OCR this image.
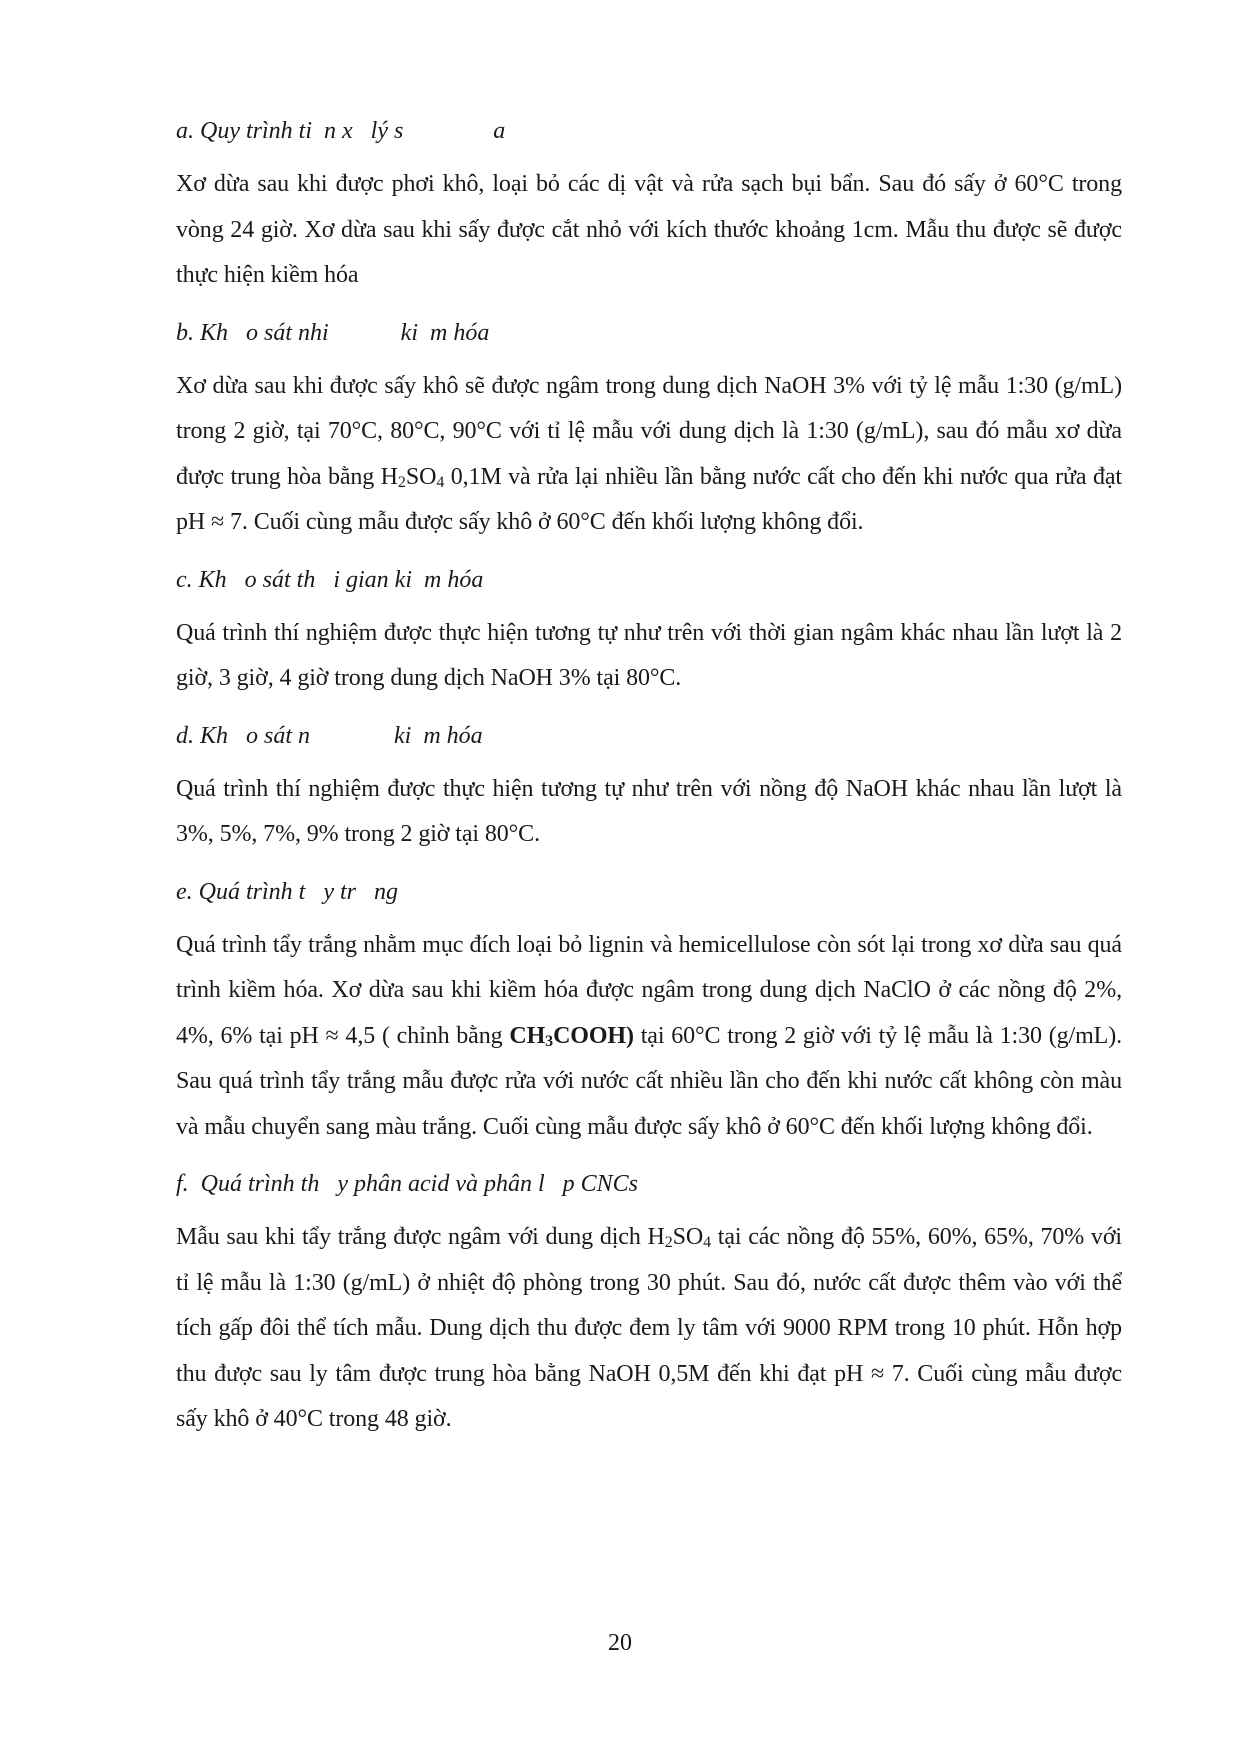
a. Quy trình ti  n x   lý s               a

Xơ dừa sau khi được phơi khô, loại bỏ các dị vật và rửa sạch bụi bẩn. Sau đó sấy ở 60°C trong vòng 24 giờ. Xơ dừa sau khi sấy được cắt nhỏ với kích thước khoảng 1cm. Mẫu thu được sẽ được thực hiện kiềm hóa

b. Kh   o sát nhi            ki  m hóa

Xơ dừa sau khi được sấy khô sẽ được ngâm trong dung dịch NaOH 3% với tỷ lệ mẫu 1:30 (g/mL) trong 2 giờ, tại 70°C, 80°C, 90°C với tỉ lệ mẫu với dung dịch là 1:30 (g/mL), sau đó mẫu xơ dừa được trung hòa bằng $H_2SO_4$ 0,1M và rửa lại nhiều lần bằng nước cất cho đến khi nước qua rửa đạt pH ≈ 7. Cuối cùng mẫu được sấy khô ở 60°C đến khối lượng không đổi.

c. Kh   o sát th   i gian ki  m hóa

Quá trình thí nghiệm được thực hiện tương tự như trên với thời gian ngâm khác nhau lần lượt là 2 giờ, 3 giờ, 4 giờ trong dung dịch NaOH 3% tại 80°C.

d. Kh   o sát n              ki  m hóa

Quá trình thí nghiệm được thực hiện tương tự như trên với nồng độ NaOH khác nhau lần lượt là 3%, 5%, 7%, 9% trong 2 giờ tại 80°C.

e. Quá trình t   y tr   ng

Quá trình tẩy trắng nhằm mục đích loại bỏ lignin và hemicellulose còn sót lại trong xơ dừa sau quá trình kiềm hóa. Xơ dừa sau khi kiềm hóa được ngâm trong dung dịch NaClO ở các nồng độ 2%, 4%, 6% tại pH ≈ 4,5 ( chỉnh bằng $CH_3COOH$) tại 60°C trong 2 giờ với tỷ lệ mẫu là 1:30 (g/mL). Sau quá trình tẩy trắng mẫu được rửa với nước cất nhiều lần cho đến khi nước cất không còn màu và mẫu chuyển sang màu trắng. Cuối cùng mẫu được sấy khô ở 60°C đến khối lượng không đổi.

f.  Quá trình th   y phân acid và phân l   p CNCs

Mẫu sau khi tẩy trắng được ngâm với dung dịch $H_2SO_4$ tại các nồng độ 55%, 60%, 65%, 70% với tỉ lệ mẫu là 1:30 (g/mL) ở nhiệt độ phòng trong 30 phút. Sau đó, nước cất được thêm vào với thể tích gấp đôi thể tích mẫu. Dung dịch thu được đem ly tâm với 9000 RPM trong 10 phút. Hỗn hợp thu được sau ly tâm được trung hòa bằng NaOH 0,5M đến khi đạt pH ≈ 7. Cuối cùng mẫu được sấy khô ở 40°C trong 48 giờ.

20
